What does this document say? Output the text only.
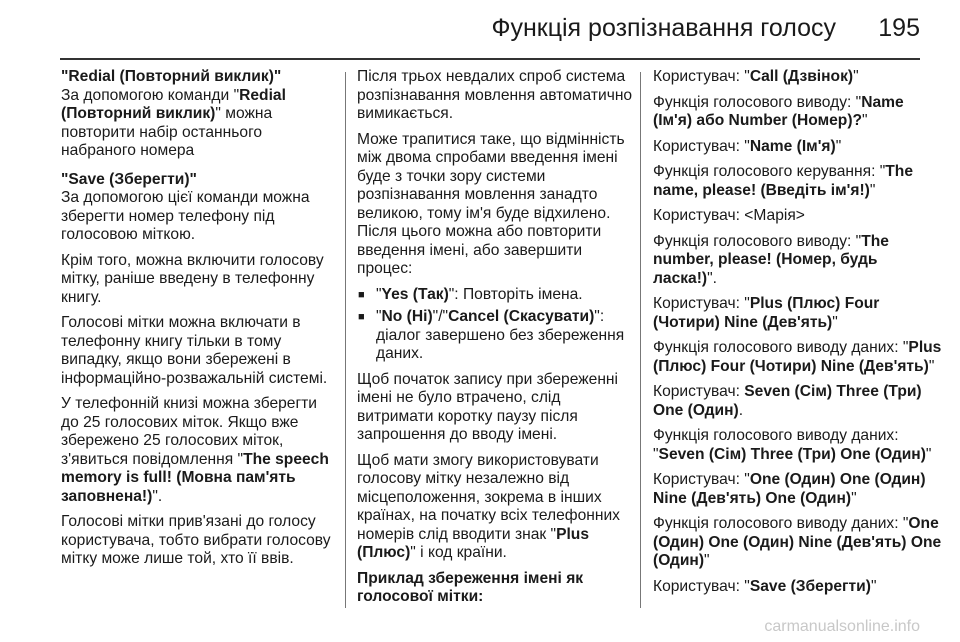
Функція розпізнавання голосу 195

"Redial (Повторний виклик)"

За допомогою команди "Redial (Повторний виклик)" можна повторити набір останнього набраного номера

"Save (Зберегти)"

За допомогою цієї команди можна зберегти номер телефону під голосовою міткою.

Крім того, можна включити голосову мітку, раніше введену в телефонну книгу.

Голосові мітки можна включати в телефонну книгу тільки в тому випадку, якщо вони збережені в інформаційно-розважальній системі.

У телефонній книзі можна зберегти до 25 голосових міток. Якщо вже збережено 25 голосових міток, з'явиться повідомлення "The speech memory is full! (Мовна пам'ять заповнена!)".

Голосові мітки прив'язані до голосу користувача, тобто вибрати голосову мітку може лише той, хто її ввів.

Після трьох невдалих спроб система розпізнавання мовлення автоматично вимикається.

Може трапитися таке, що відмінність між двома спробами введення імені буде з точки зору системи розпізнавання мовлення занадто великою, тому ім'я буде відхилено. Після цього можна або повторити введення імені, або завершити процес:

■ "Yes (Так)": Повторіть імена.
■ "No (Ні)"/"Cancel (Скасувати)": діалог завершено без збереження даних.

Щоб початок запису при збереженні імені не було втрачено, слід витримати коротку паузу після запрошення до вводу імені.

Щоб мати змогу використовувати голосову мітку незалежно від місцеположення, зокрема в інших країнах, на початку всіх телефонних номерів слід вводити знак "Plus (Плюс)" і код країни.

Приклад збереження імені як голосової мітки:

Користувач: "Call (Дзвінок)"

Функція голосового виводу: "Name (Ім'я) або Number (Номер)?"

Користувач: "Name (Ім'я)"

Функція голосового керування: "The name, please! (Введіть ім'я!)"

Користувач: <Марія>

Функція голосового виводу: "The number, please! (Номер, будь ласка!)".

Користувач: "Plus (Плюс) Four (Чотири) Nine (Дев'ять)"

Функція голосового виводу даних: "Plus (Плюс) Four (Чотири) Nine (Дев'ять)"

Користувач: Seven (Сім) Three (Три) One (Один).

Функція голосового виводу даних: "Seven (Сім) Three (Три) One (Один)"

Користувач: "One (Один) One (Один) Nine (Дев'ять) One (Один)"

Функція голосового виводу даних: "One (Один) One (Один) Nine (Дев'ять) One (Один)"

Користувач: "Save (Зберегти)"

carmanualsonline.info
